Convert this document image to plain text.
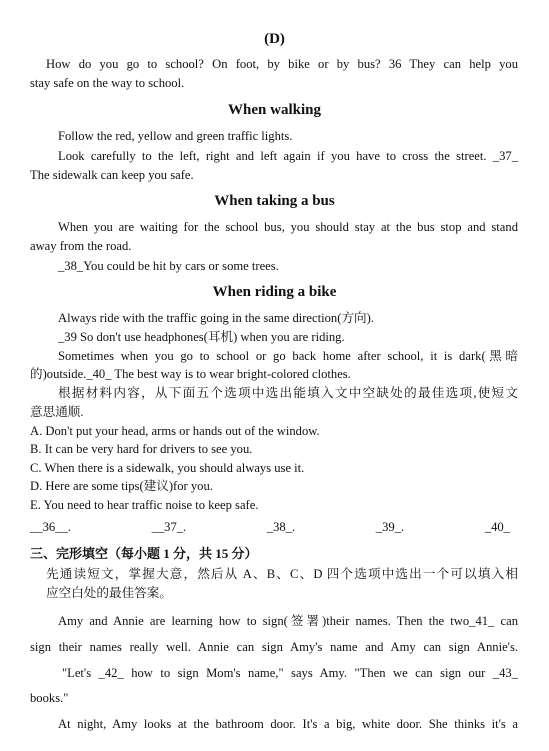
(D)
How do you go to school? On foot, by bike or by bus? 36 They can help you
stay safe on the way to school.
When walking
Follow the red, yellow and green traffic lights.
Look carefully to the left, right and left again if you have to cross the street. _37_
The sidewalk can keep you safe.
When taking a bus
When you are waiting for the school bus, you should stay at the bus stop and stand
away from the road.
_38_You could be hit by cars or some trees.
When riding a bike
Always ride with the traffic going in the same direction(方向).
_39 So don't use headphones(耳机) when you are riding.
Sometimes when you go to school or go back home after school, it is dark(黑暗
的)outside._40_ The best way is to wear bright-colored clothes.
根据材料内容，从下面五个选项中选出能填入文中空缺处的最佳选项,使短文
意思通顺.
A. Don't put your head, arms or hands out of the window.
B. It can be very hard for drivers to see you.
C. When there is a sidewalk, you should always use it.
D. Here are some tips(建议)for you.
E. You need to hear traffic noise to keep safe.
__36__.	__37_.	_38_.	_39_.	_40_
三、完形填空（每小题 1 分，共 15 分）
先通读短文，掌握大意，然后从 A、B、C、D 四个选项中选出一个可以填入相
应空白处的最佳答案。
Amy and Annie are learning how to sign(签署)their names. Then the two_41_ can
sign their names really well. Annie can sign Amy's name and Amy can sign Annie's.
"Let's _42_ how to sign Mom's name," says Amy. "Then we can sign our _43_
books."
At night, Amy looks at the bathroom door. It's a big, white door. She thinks it's a
